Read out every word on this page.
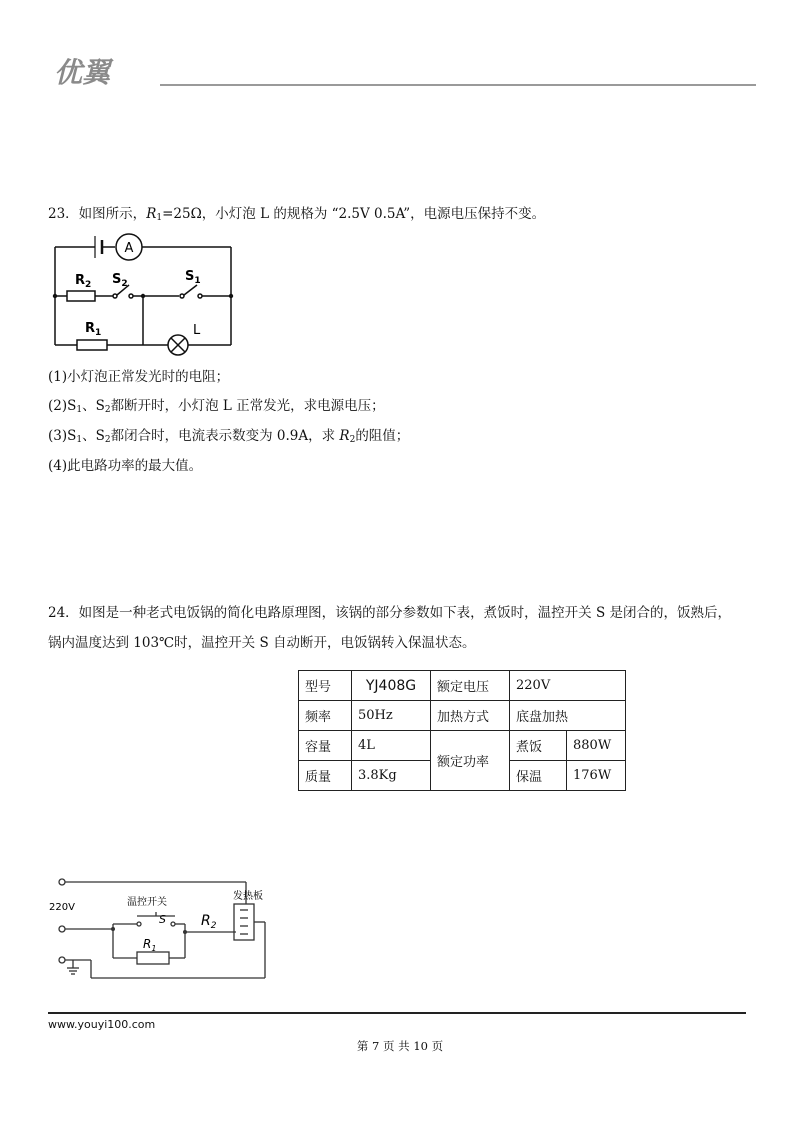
优翼
23．如图所示，$R_1=25\Omega$，小灯泡 L 的规格为 “2.5V 0.5A”，电源电压保持不变。
A
$R_2$ $S_2$	$S_1$
$R_1$	L
(1)小灯泡正常发光时的电阻；
$(2)S_1$、$S_2$都断开时，小灯泡 L 正常发光，求电源电压；
$(3)S_1$、$S_2$都闭合时，电流表示数变为 0.9A，求 $R_2$的阻值；
(4)此电路功率的最大值。
24．如图是一种老式电饭锅的简化电路原理图，该锅的部分参数如下表，煮饭时，温控开关 S 是闭合的，饭熟后，
锅内温度达到 103℃时，温控开关 S 自动断开，电饭锅转入保温状态。
型号	YJ408G	额定电压	220V	
频率	50Hz	加热方式	底盘加热	
容量	4L	额定功率	煮饭	880W
质量	3.8Kg		保温	176W
220V	温控开关
S
$R_1$
$R_2$
发热板
www.youyi100.com
第 7 页 共 10 页
